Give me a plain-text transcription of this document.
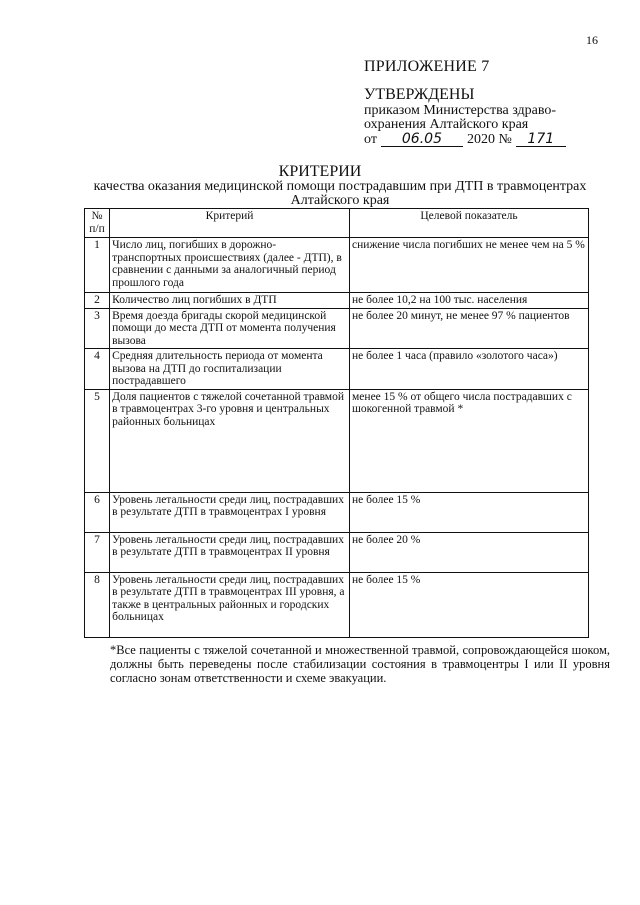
16
ПРИЛОЖЕНИЕ 7
УТВЕРЖДЕНЫ
приказом Министерства здраво-
охранения Алтайского края
от 06.05 2020 № 171
КРИТЕРИИ
качества оказания медицинской помощи пострадавшим при ДТП в травмоцентрах Алтайского края
№
п/п	Критерий	Целевой показатель
1	Число лиц, погибших в дорожно- транспортных происшествиях (далее - ДТП), в сравнении с данными за аналогичный период прошлого года	снижение числа погибших не менее чем на 5 %
2	Количество лиц погибших в ДТП	не более 10,2 на 100 тыс. населения
3	Время доезда бригады скорой медицинской помощи до места ДТП от момента получения вызова	не более 20 минут, не менее 97 % пациентов
4	Средняя длительность периода от момента вызова на ДТП до госпитализации пострадавшего	не более 1 часа (правило «золотого часа»)
5	Доля пациентов с тяжелой сочетанной травмой в травмоцентрах 3-го уровня и центральных районных больницах	менее 15 % от общего числа пострадавших с шокогенной травмой *
6	Уровень летальности среди лиц, пострадавших в результате ДТП в травмоцентрах I уровня	не более 15 %
7	Уровень летальности среди лиц, пострадавших в результате ДТП в травмоцентрах II уровня	не более 20 %
8	Уровень летальности среди лиц, пострадавших в результате ДТП в травмоцентрах III уровня, а также в центральных районных и городских больницах	не более 15 %
*Все пациенты с тяжелой сочетанной и множественной травмой, сопровождающейся шоком, должны быть переведены после стабилизации состояния в травмоцентры I или II уровня согласно зонам ответственности и схеме эвакуации.
